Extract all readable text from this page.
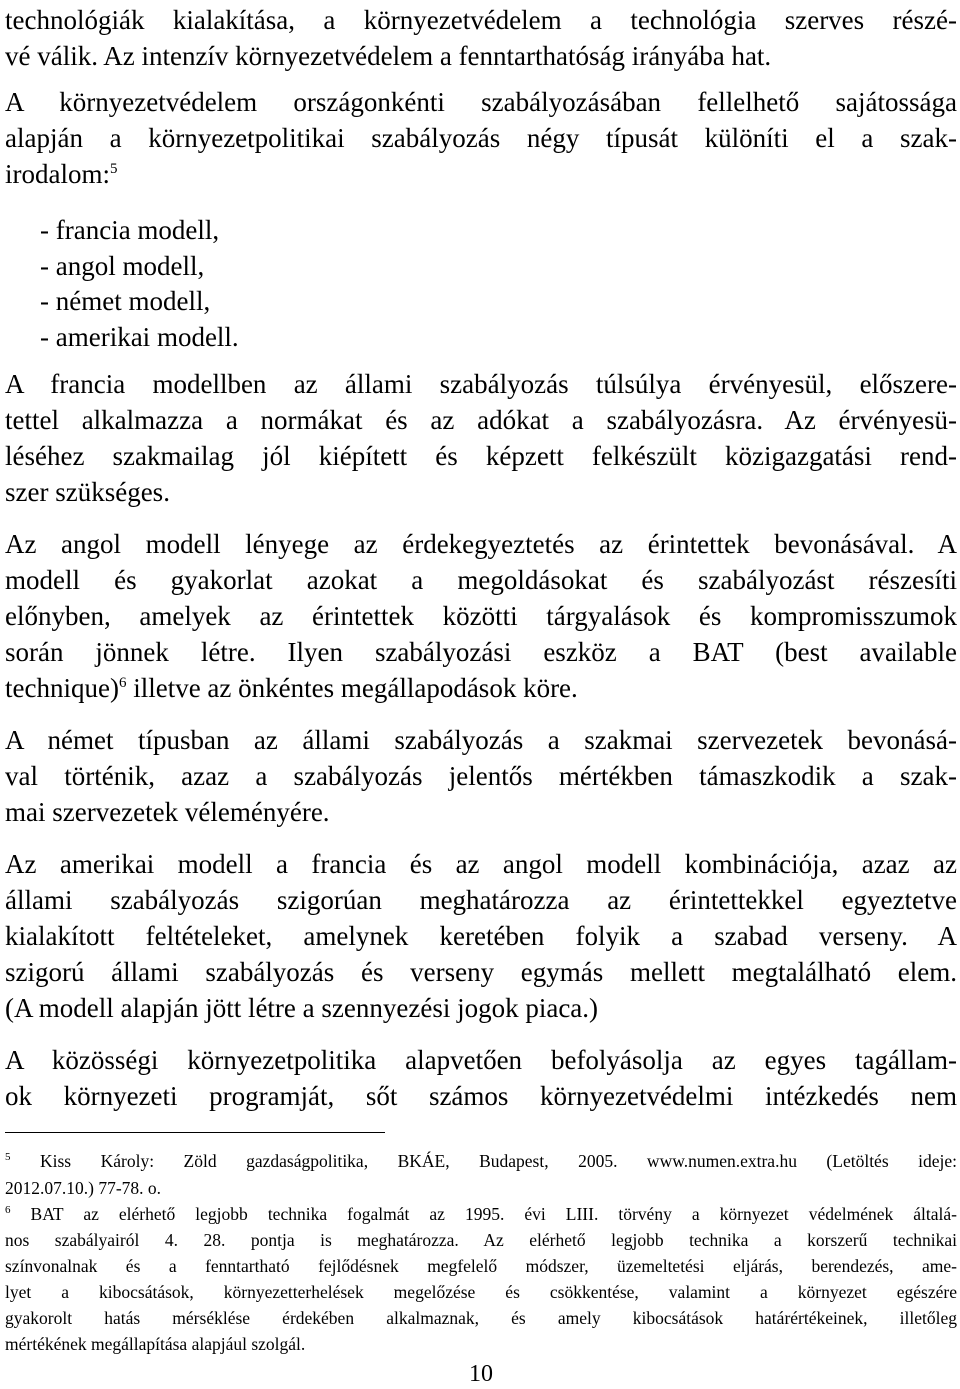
technológiák kialakítása, a környezetvédelem a technológia szerves részé-
vé válik. Az intenzív környezetvédelem a fenntarthatóság irányába hat.
A környezetvédelem országonkénti szabályozásában fellelhető sajátossága
alapján a környezetpolitikai szabályozás négy típusát különíti el a szak-
irodalom:$^5$
- francia modell,
- angol modell,
- német modell,
- amerikai modell.
A francia modellben az állami szabályozás túlsúlya érvényesül, előszere-
tettel alkalmazza a normákat és az adókat a szabályozásra. Az érvényesü-
léséhez szakmailag jól kiépített és képzett felkészült közigazgatási rend-
szer szükséges.
Az angol modell lényege az érdekegyeztetés az érintettek bevonásával. A
modell és gyakorlat azokat a megoldásokat és szabályozást részesíti
előnyben, amelyek az érintettek közötti tárgyalások és kompromisszumok
során jönnek létre. Ilyen szabályozási eszköz a BAT (best available
technique)$^6$ illetve az önkéntes megállapodások köre.
A német típusban az állami szabályozás a szakmai szervezetek bevonásá-
val történik, azaz a szabályozás jelentős mértékben támaszkodik a szak-
mai szervezetek véleményére.
Az amerikai modell a francia és az angol modell kombinációja, azaz az
állami szabályozás szigorúan meghatározza az érintettekkel egyeztetve
kialakított feltételeket, amelynek keretében folyik a szabad verseny. A
szigorú állami szabályozás és verseny egymás mellett megtalálható elem.
(A modell alapján jött létre a szennyezési jogok piaca.)
A közösségi környezetpolitika alapvetően befolyásolja az egyes tagállam-
ok környezeti programját, sőt számos környezetvédelmi intézkedés nem
$^5$ Kiss Károly: Zöld gazdaságpolitika, BKÁE, Budapest, 2005. www.numen.extra.hu (Letöltés ideje:
2012.07.10.) 77-78. o.
$^6$ BAT az elérhető legjobb technika fogalmát az 1995. évi LIII. törvény a környezet védelmének általá-
nos szabályairól 4. 28. pontja is meghatározza. Az elérhető legjobb technika a korszerű technikai
színvonalnak és a fenntartható fejlődésnek megfelelő módszer, üzemeltetési eljárás, berendezés, ame-
lyet a kibocsátások, környezetterhelések megelőzése és csökkentése, valamint a környezet egészére
gyakorolt hatás mérséklése érdekében alkalmaznak, és amely kibocsátások határértékeinek, illetőleg
mértékének megállapítása alapjául szolgál.
10
